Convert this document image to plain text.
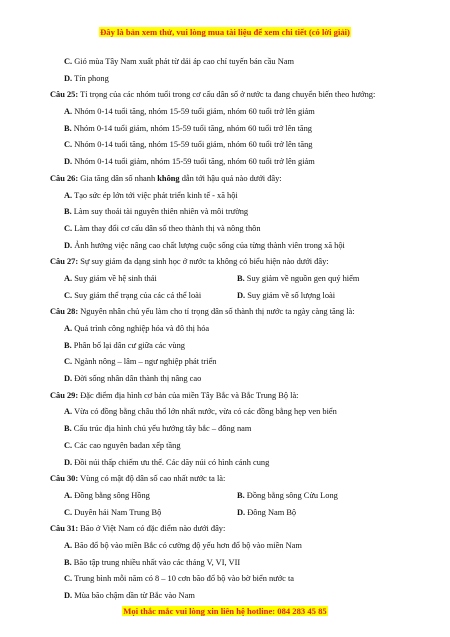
Đây là bản xem thử, vui lòng mua tài liệu để xem chi tiết (có lời giải)
C. Gió mùa Tây Nam xuất phát từ dải áp cao chí tuyến bán cầu Nam
D. Tín phong
Câu 25: Tỉ trọng của các nhóm tuổi trong cơ cấu dân số ở nước ta đang chuyển biến theo hướng:
A. Nhóm 0-14 tuổi tăng, nhóm 15-59 tuổi giảm, nhóm 60 tuổi trở lên giảm
B. Nhóm 0-14 tuổi giảm, nhóm 15-59 tuổi tăng, nhóm 60 tuổi trở lên tăng
C. Nhóm 0-14 tuổi tăng, nhóm 15-59 tuổi giảm, nhóm 60 tuổi trở lên tăng
D. Nhóm 0-14 tuổi giảm, nhóm 15-59 tuổi tăng, nhóm 60 tuổi trở lên giảm
Câu 26: Gia tăng dân số nhanh không dẫn tới hậu quả nào dưới đây:
A. Tạo sức ép lớn tới việc phát triển kinh tế - xã hội
B. Làm suy thoái tài nguyên thiên nhiên và môi trường
C. Làm thay đổi cơ cấu dân số theo thành thị và nông thôn
D. Ảnh hưởng việc nâng cao chất lượng cuộc sống của từng thành viên trong xã hội
Câu 27: Sự suy giảm đa dạng sinh học ở nước ta không có biểu hiện nào dưới đây:
A. Suy giảm về hệ sinh thái	B. Suy giảm về nguồn gen quý hiếm
C. Suy giảm thể trạng của các cá thể loài	D. Suy giảm về số lượng loài
Câu 28: Nguyên nhân chủ yếu làm cho tỉ trọng dân số thành thị nước ta ngày càng tăng là:
A. Quá trình công nghiệp hóa và đô thị hóa
B. Phân bố lại dân cư giữa các vùng
C. Ngành nông – lâm – ngư nghiệp phát triển
D. Đời sống nhân dân thành thị nâng cao
Câu 29: Đặc điểm địa hình cơ bản của miền Tây Bắc và Bắc Trung Bộ là:
A. Vừa có đồng bằng châu thổ lớn nhất nước, vừa có các đồng bằng hẹp ven biển
B. Cấu trúc địa hình chủ yếu hướng tây bắc – đông nam
C. Các cao nguyên badan xếp tầng
D. Đồi núi thấp chiếm ưu thế. Các dãy núi có hình cánh cung
Câu 30: Vùng có mật độ dân số cao nhất nước ta là:
A. Đồng bằng sông Hồng	B. Đồng bằng sông Cửu Long
C. Duyên hải Nam Trung Bộ	D. Đông Nam Bộ
Câu 31: Bão ở Việt Nam có đặc điểm nào dưới đây:
A. Bão đổ bộ vào miền Bắc có cường độ yếu hơn đổ bộ vào miền Nam
B. Bão tập trung nhiều nhất vào các tháng V, VI, VII
C. Trung bình mỗi năm có 8 – 10 cơn bão đổ bộ vào bờ biển nước ta
D. Mùa bão chậm dần từ Bắc vào Nam
Mọi thắc mắc vui lòng xin liên hệ hotline: 084 283 45 85
